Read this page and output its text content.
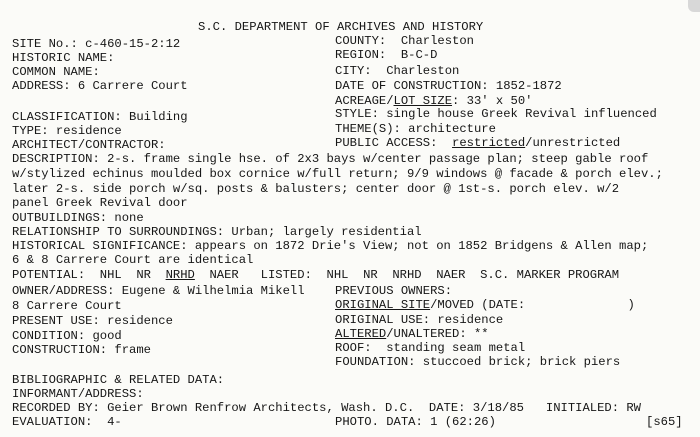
S.C. DEPARTMENT OF ARCHIVES AND HISTORY
SITE No.: c-460-15-2:12
HISTORIC NAME:
COMMON NAME:
ADDRESS: 6 Carrere Court
CLASSIFICATION: Building
TYPE: residence
ARCHITECT/CONTRACTOR:
COUNTY:  Charleston
REGION:  B-C-D
CITY:  Charleston
DATE OF CONSTRUCTION: 1852-1872
ACREAGE/LOT SIZE: 33' x 50'
STYLE: single house Greek Revival influenced
THEME(S): architecture
PUBLIC ACCESS:  restricted/unrestricted
DESCRIPTION: 2-s. frame single hse. of 2x3 bays w/center passage plan; steep gable roof
w/stylized echinus moulded box cornice w/full return; 9/9 windows @ facade & porch elev.;
later 2-s. side porch w/sq. posts & balusters; center door @ 1st-s. porch elev. w/2
panel Greek Revival door
OUTBUILDINGS: none
RELATIONSHIP TO SURROUNDINGS: Urban; largely residential
HISTORICAL SIGNIFICANCE: appears on 1872 Drie's View; not on 1852 Bridgens & Allen map;
6 & 8 Carrere Court are identical
POTENTIAL:  NHL  NR  NRHD  NAER   LISTED:  NHL  NR  NRHD  NAER  S.C. MARKER PROGRAM
OWNER/ADDRESS: Eugene & Wilhelmia Mikell
8 Carrere Court
PRESENT USE: residence
CONDITION: good
CONSTRUCTION: frame
PREVIOUS OWNERS:
ORIGINAL SITE/MOVED (DATE:              )
ORIGINAL USE: residence
ALTERED/UNALTERED: **
ROOF:  standing seam metal
FOUNDATION: stuccoed brick; brick piers
BIBLIOGRAPHIC & RELATED DATA:
INFORMANT/ADDRESS:
RECORDED BY: Geier Brown Renfrow Architects, Wash. D.C.  DATE: 3/18/85   INITIALED: RW
EVALUATION:  4-	PHOTO. DATA: 1 (62:26)	[s65]
